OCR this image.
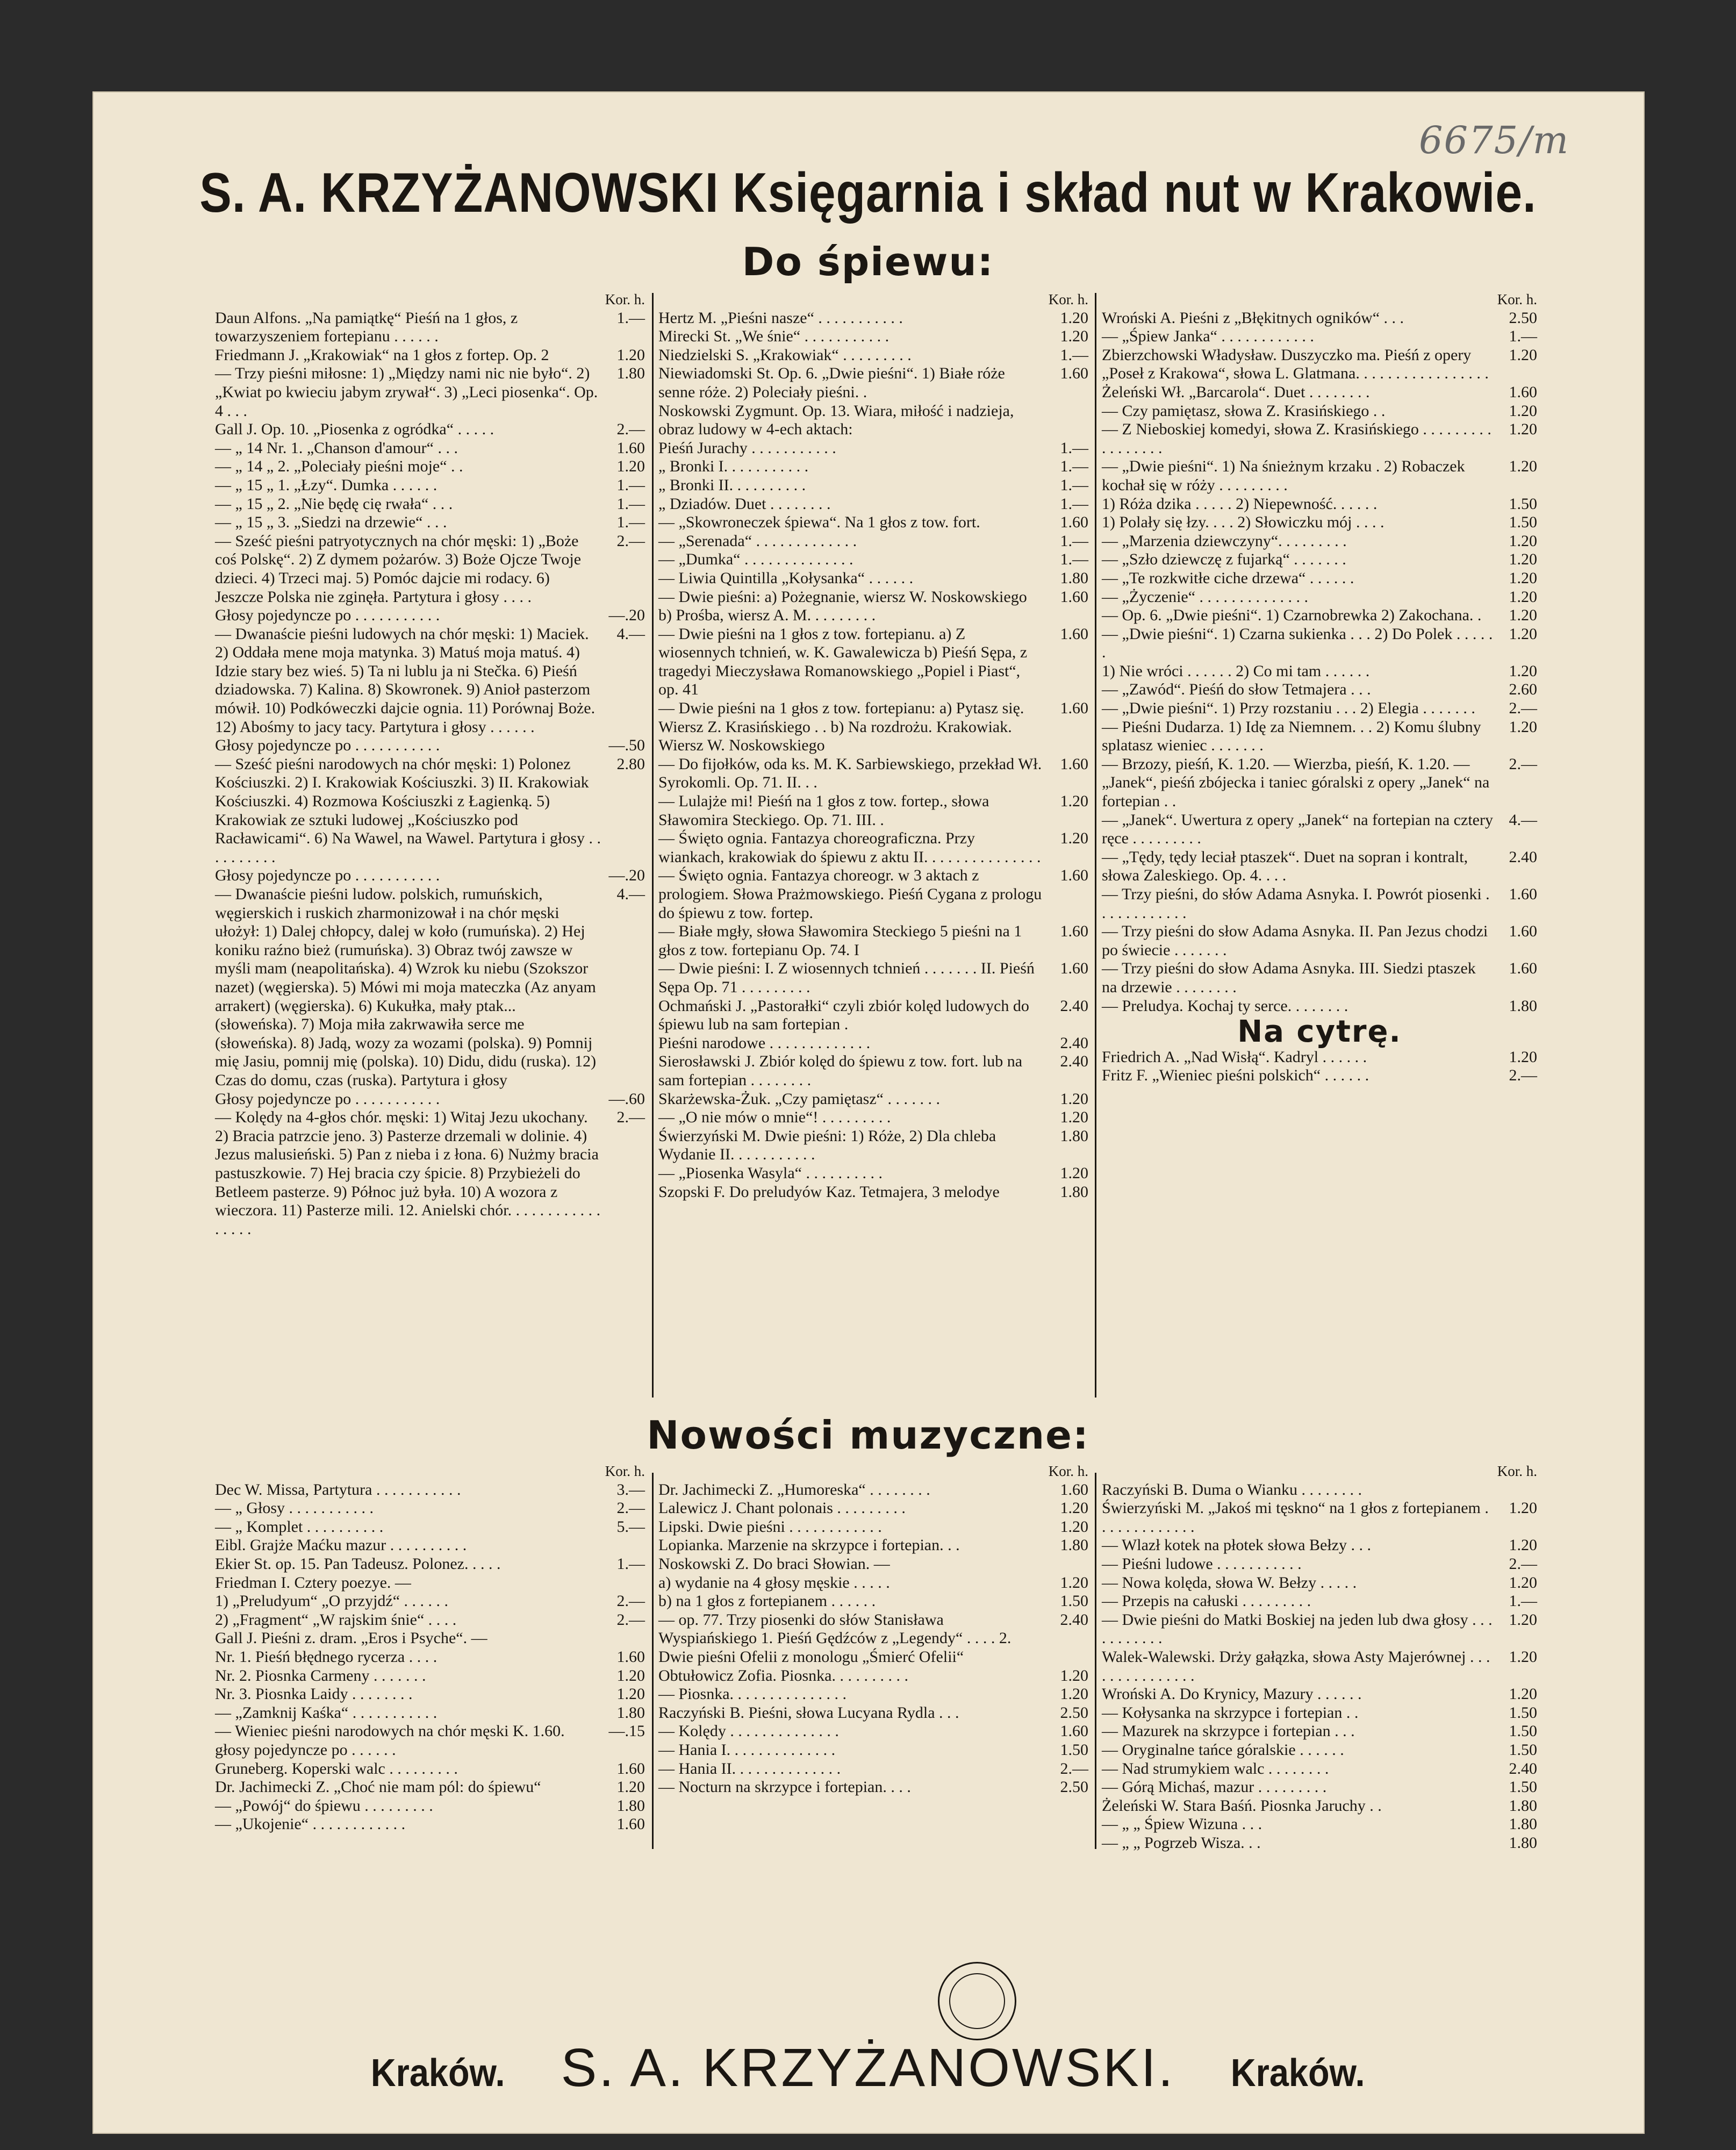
6675/m
S. A. KRZYŻANOWSKI Księgarnia i skład nut w Krakowie.
Do śpiewu:
Kor. h.
Daun Alfons. „Na pamiątkę“ Pieśń na 1 głos, z towarzyszeniem fortepianu . . . . . .
1.—
Friedmann J. „Krakowiak“ na 1 głos z fortep. Op. 2	1.20
— Trzy pieśni miłosne: 1) „Między nami nic nie było“. 2) „Kwiat po kwieciu jabym zrywał“. 3) „Leci piosenka“. Op. 4 . . .
1.80
Gall J. Op. 10. „Piosenka z ogródka“ . . . . .	2.—
— „ 14 Nr. 1. „Chanson d'amour“ . . .	1.60
— „ 14 „ 2. „Poleciały pieśni moje“ . .	1.20
— „ 15 „ 1. „Łzy“. Dumka . . . . . .	1.—
— „ 15 „ 2. „Nie będę cię rwała“ . . .	1.—
— „ 15 „ 3. „Siedzi na drzewie“ . . .	1.—
— Sześć pieśni patryotycznych na chór męski: 1) „Boże coś Polskę“. 2) Z dymem pożarów. 3) Boże Ojcze Twoje dzieci. 4) Trzeci maj. 5) Pomóc dajcie mi rodacy. 6) Jeszcze Polska nie zginęła. Partytura i głosy . . . .
2.—
Głosy pojedyncze po . . . . . . . . . . .	—.20
— Dwanaście pieśni ludowych na chór męski: 1) Maciek. 2) Oddała mene moja matynka. 3) Matuś moja matuś. 4) Idzie stary bez wieś. 5) Ta ni lublu ja ni Stečka. 6) Pieśń dziadowska. 7) Kalina. 8) Skowronek. 9) Anioł pasterzom mówił. 10) Podkóweczki dajcie ognia. 11) Porównaj Boże. 12) Abośmy to jacy tacy. Partytura i głosy . . . . . .
4.—
Głosy pojedyncze po . . . . . . . . . . .	—.50
— Sześć pieśni narodowych na chór męski: 1) Polonez Kościuszki. 2) I. Krakowiak Kościuszki. 3) II. Krakowiak Kościuszki. 4) Rozmowa Kościuszki z Łagienką. 5) Krakowiak ze sztuki ludowej „Kościuszko pod Racławicami“. 6) Na Wawel, na Wawel. Partytura i głosy . . . . . . . . . .
2.80
Głosy pojedyncze po . . . . . . . . . . .	—.20
— Dwanaście pieśni ludow. polskich, rumuńskich, węgierskich i ruskich zharmonizował i na chór męski ułożył: 1) Dalej chłopcy, dalej w koło (rumuńska). 2) Hej koniku raźno bież (rumuńska). 3) Obraz twój zawsze w myśli mam (neapolitańska). 4) Wzrok ku niebu (Szokszor nazet) (węgierska). 5) Mówi mi moja mateczka (Az anyam arrakert) (węgierska). 6) Kukułka, mały ptak... (słoweńska). 7) Moja miła zakrwawiła serce me (słoweńska). 8) Jadą, wozy za wozami (polska). 9) Pomnij mię Jasiu, pomnij mię (polska). 10) Didu, didu (ruska). 12) Czas do domu, czas (ruska). Partytura i głosy
4.—
Głosy pojedyncze po . . . . . . . . . . .	—.60
— Kolędy na 4-głos chór. męski: 1) Witaj Jezu ukochany. 2) Bracia patrzcie jeno. 3) Pasterze drzemali w dolinie. 4) Jezus malusieński. 5) Pan z nieba i z łona. 6) Nużmy bracia pastuszkowie. 7) Hej bracia czy śpicie. 8) Przybieżeli do Betleem pasterze. 9) Północ już była. 10) A wozora z wieczora. 11) Pasterze mili. 12. Anielski chór. . . . . . . . . . . . . . . . .
2.—
Kor. h.
Hertz M. „Pieśni nasze“ . . . . . . . . . . .	1.20
Mirecki St. „We śnie“ . . . . . . . . . . .	1.20
Niedzielski S. „Krakowiak“ . . . . . . . . .	1.—
Niewiadomski St. Op. 6. „Dwie pieśni“. 1) Białe róże senne róże. 2) Poleciały pieśni. .
1.60
Noskowski Zygmunt. Op. 13. Wiara, miłość i nadzieja, obraz ludowy w 4-ech aktach:
Pieśń Jurachy . . . . . . . . . . .	1.—
„ Bronki I. . . . . . . . . . .	1.—
„ Bronki II. . . . . . . . . .	1.—
„ Dziadów. Duet . . . . . . . .	1.—
— „Skowroneczek śpiewa“. Na 1 głos z tow. fort.	1.60
— „Serenada“ . . . . . . . . . . . . .	1.—
— „Dumka“ . . . . . . . . . . . . . .	1.—
— Liwia Quintilla „Kołysanka“ . . . . . .	1.80
— Dwie pieśni: a) Pożegnanie, wiersz W. Noskowskiego b) Prośba, wiersz A. M. . . . . . . . .
1.60
— Dwie pieśni na 1 głos z tow. fortepianu. a) Z wiosennych tchnień, w. K. Gawalewicza b) Pieśń Sępa, z tragedyi Mieczysława Romanowskiego „Popiel i Piast“, op. 41
1.60
— Dwie pieśni na 1 głos z tow. fortepianu: a) Pytasz się. Wiersz Z. Krasińskiego . . b) Na rozdrożu. Krakowiak. Wiersz W. Noskowskiego
1.60
— Do fijołków, oda ks. M. K. Sarbiewskiego, przekład Wł. Syrokomli. Op. 71. II. . .
1.60
— Lulajże mi! Pieśń na 1 głos z tow. fortep., słowa Sławomira Steckiego. Op. 71. III. .
1.20
— Święto ognia. Fantazya choreograficzna. Przy wiankach, krakowiak do śpiewu z aktu II. . . . . . . . . . . . . . .
1.20
— Święto ognia. Fantazya choreogr. w 3 aktach z prologiem. Słowa Prażmowskiego. Pieśń Cygana z prologu do śpiewu z tow. fortep.
1.60
— Białe mgły, słowa Sławomira Steckiego 5 pieśni na 1 głos z tow. fortepianu Op. 74. I
1.60
— Dwie pieśni: I. Z wiosennych tchnień . . . . . . . II. Pieśń Sępa Op. 71 . . . . . . . . .
1.60
Ochmański J. „Pastorałki“ czyli zbiór kolęd ludowych do śpiewu lub na sam fortepian .
2.40
Pieśni narodowe . . . . . . . . . . . . .	2.40
Sierosławski J. Zbiór kolęd do śpiewu z tow. fort. lub na sam fortepian . . . . . . . .
2.40
Skarżewska-Żuk. „Czy pamiętasz“ . . . . . . .	1.20
— „O nie mów o mnie“! . . . . . . . . .	1.20
Świerzyński M. Dwie pieśni: 1) Róże, 2) Dla chleba Wydanie II. . . . . . . . . . .
1.80
— „Piosenka Wasyla“ . . . . . . . . . .	1.20
Szopski F. Do preludyów Kaz. Tetmajera, 3 melodye	1.80
Kor. h.
Wroński A. Pieśni z „Błękitnych ogników“ . . .	2.50
— „Śpiew Janka“ . . . . . . . . . . . .	1.—
Zbierzchowski Władysław. Duszyczko ma. Pieśń z opery „Poseł z Krakowa“, słowa L. Glatmana. . . . . . . . . . . . . . . . .
1.20
Żeleński Wł. „Barcarola“. Duet . . . . . . . .	1.60
— Czy pamiętasz, słowa Z. Krasińskiego . .	1.20
— Z Nieboskiej komedyi, słowa Z. Krasińskiego . . . . . . . . . . . . . . . . .
1.20
— „Dwie pieśni“. 1) Na śnieżnym krzaku . 2) Robaczek kochał się w róży . . . . . . . . .
1.20
1) Róża dzika . . . . . 2) Niepewność. . . . . .	1.50
1) Polały się łzy. . . . 2) Słowiczku mój . . . .	1.50
— „Marzenia dziewczyny“. . . . . . . . .	1.20
— „Szło dziewczę z fujarką“ . . . . . . .	1.20
— „Te rozkwitłe ciche drzewa“ . . . . . .	1.20
— „Życzenie“ . . . . . . . . . . . . . .	1.20
— Op. 6. „Dwie pieśni“. 1) Czarnobrewka 2) Zakochana. .	1.20
— „Dwie pieśni“. 1) Czarna sukienka . . . 2) Do Polek . . . . . .
1.20
1) Nie wróci . . . . . . 2) Co mi tam . . . . . .	1.20
— „Zawód“. Pieśń do słow Tetmajera . . .	2.60
— „Dwie pieśni“. 1) Przy rozstaniu . . . 2) Elegia . . . . . . .	2.—
— Pieśni Dudarza. 1) Idę za Niemnem. . . 2) Komu ślubny splatasz wieniec . . . . . . .
1.20
— Brzozy, pieśń, K. 1.20. — Wierzba, pieśń, K. 1.20. — „Janek“, pieśń zbójecka i taniec góralski z opery „Janek“ na fortepian . .
2.—
— „Janek“. Uwertura z opery „Janek“ na fortepian na cztery ręce . . . . . . . . .
4.—
— „Tędy, tędy leciał ptaszek“. Duet na sopran i kontralt, słowa Zaleskiego. Op. 4. . . .
2.40
— Trzy pieśni, do słów Adama Asnyka. I. Powrót piosenki . . . . . . . . . . . .
1.60
— Trzy pieśni do słow Adama Asnyka. II. Pan Jezus chodzi po świecie . . . . . . .
1.60
— Trzy pieśni do słow Adama Asnyka. III. Siedzi ptaszek na drzewie . . . . . . . .
1.60
— Preludya. Kochaj ty serce. . . . . . . .	1.80
Na cytrę.
Friedrich A. „Nad Wisłą“. Kadryl . . . . . .	1.20
Fritz F. „Wieniec pieśni polskich“ . . . . . .	2.—
Nowości muzyczne:
Kor. h.
Dec W. Missa, Partytura . . . . . . . . . . .	3.—
— „ Głosy . . . . . . . . . . .	2.—
— „ Komplet . . . . . . . . . .	5.—
Eibl. Grajże Maćku mazur . . . . . . . . . .
Ekier St. op. 15. Pan Tadeusz. Polonez. . . . .	1.—
Friedman I. Cztery poezye. —
1) „Preludyum“ „O przyjdź“ . . . . . .	2.—
2) „Fragment“ „W rajskim śnie“ . . . .	2.—
Gall J. Pieśni z. dram. „Eros i Psyche“. —
Nr. 1. Pieśń błędnego rycerza . . . .	1.60
Nr. 2. Piosnka Carmeny . . . . . . .	1.20
Nr. 3. Piosnka Laidy . . . . . . . .	1.20
— „Zamknij Kaśka“ . . . . . . . . . . .	1.80
— Wieniec pieśni narodowych na chór męski K. 1.60. głosy pojedyncze po . . . . . .
—.15
Gruneberg. Koperski walc . . . . . . . . .	1.60
Dr. Jachimecki Z. „Choć nie mam pól: do śpiewu“	1.20
— „Powój“ do śpiewu . . . . . . . . .	1.80
— „Ukojenie“ . . . . . . . . . . . .	1.60
Kor. h.
Dr. Jachimecki Z. „Humoreska“ . . . . . . . .	1.60
Lalewicz J. Chant polonais . . . . . . . . .	1.20
Lipski. Dwie pieśni . . . . . . . . . . . .	1.20
Lopianka. Marzenie na skrzypce i fortepian. . .	1.80
Noskowski Z. Do braci Słowian. —
a) wydanie na 4 głosy męskie . . . . .	1.20
b) na 1 głos z fortepianem . . . . . .	1.50
— op. 77. Trzy piosenki do słów Stanisława Wyspiańskiego 1. Pieśń Gędźców z „Legendy“ . . . . 2. Dwie pieśni Ofelii z monologu „Śmierć Ofelii“
2.40
Obtułowicz Zofia. Piosnka. . . . . . . . . .	1.20
— Piosnka. . . . . . . . . . . . . . .	1.20
Raczyński B. Pieśni, słowa Lucyana Rydla . . .	2.50
— Kolędy . . . . . . . . . . . . . .	1.60
— Hania I. . . . . . . . . . . . . .	1.50
— Hania II. . . . . . . . . . . . . .	2.—
— Nocturn na skrzypce i fortepian. . . .	2.50
Kor. h.
Raczyński B. Duma o Wianku . . . . . . . .
Świerzyński M. „Jakoś mi tęskno“ na 1 głos z fortepianem . . . . . . . . . . . . .
1.20
— Wlazł kotek na płotek słowa Bełzy . . .	1.20
— Pieśni ludowe . . . . . . . . . . .	2.—
— Nowa kolęda, słowa W. Bełzy . . . . .	1.20
— Przepis na całuski . . . . . . . . .	1.—
— Dwie pieśni do Matki Boskiej na jeden lub dwa głosy . . . . . . . . . . .
1.20
Walek-Walewski. Drży gałązka, słowa Asty Majerównej . . . . . . . . . . . . . . .
1.20
Wroński A. Do Krynicy, Mazury . . . . . .	1.20
— Kołysanka na skrzypce i fortepian . .	1.50
— Mazurek na skrzypce i fortepian . . .	1.50
— Oryginalne tańce góralskie . . . . . .	1.50
— Nad strumykiem walc . . . . . . . .	2.40
— Górą Michaś, mazur . . . . . . . . .	1.50
Żeleński W. Stara Baśń. Piosnka Jaruchy . .	1.80
— „ „ Śpiew Wizuna . . .	1.80
— „ „ Pogrzeb Wisza. . .	1.80
Kraków. S. A. KRZYŻANOWSKI. Kraków.
